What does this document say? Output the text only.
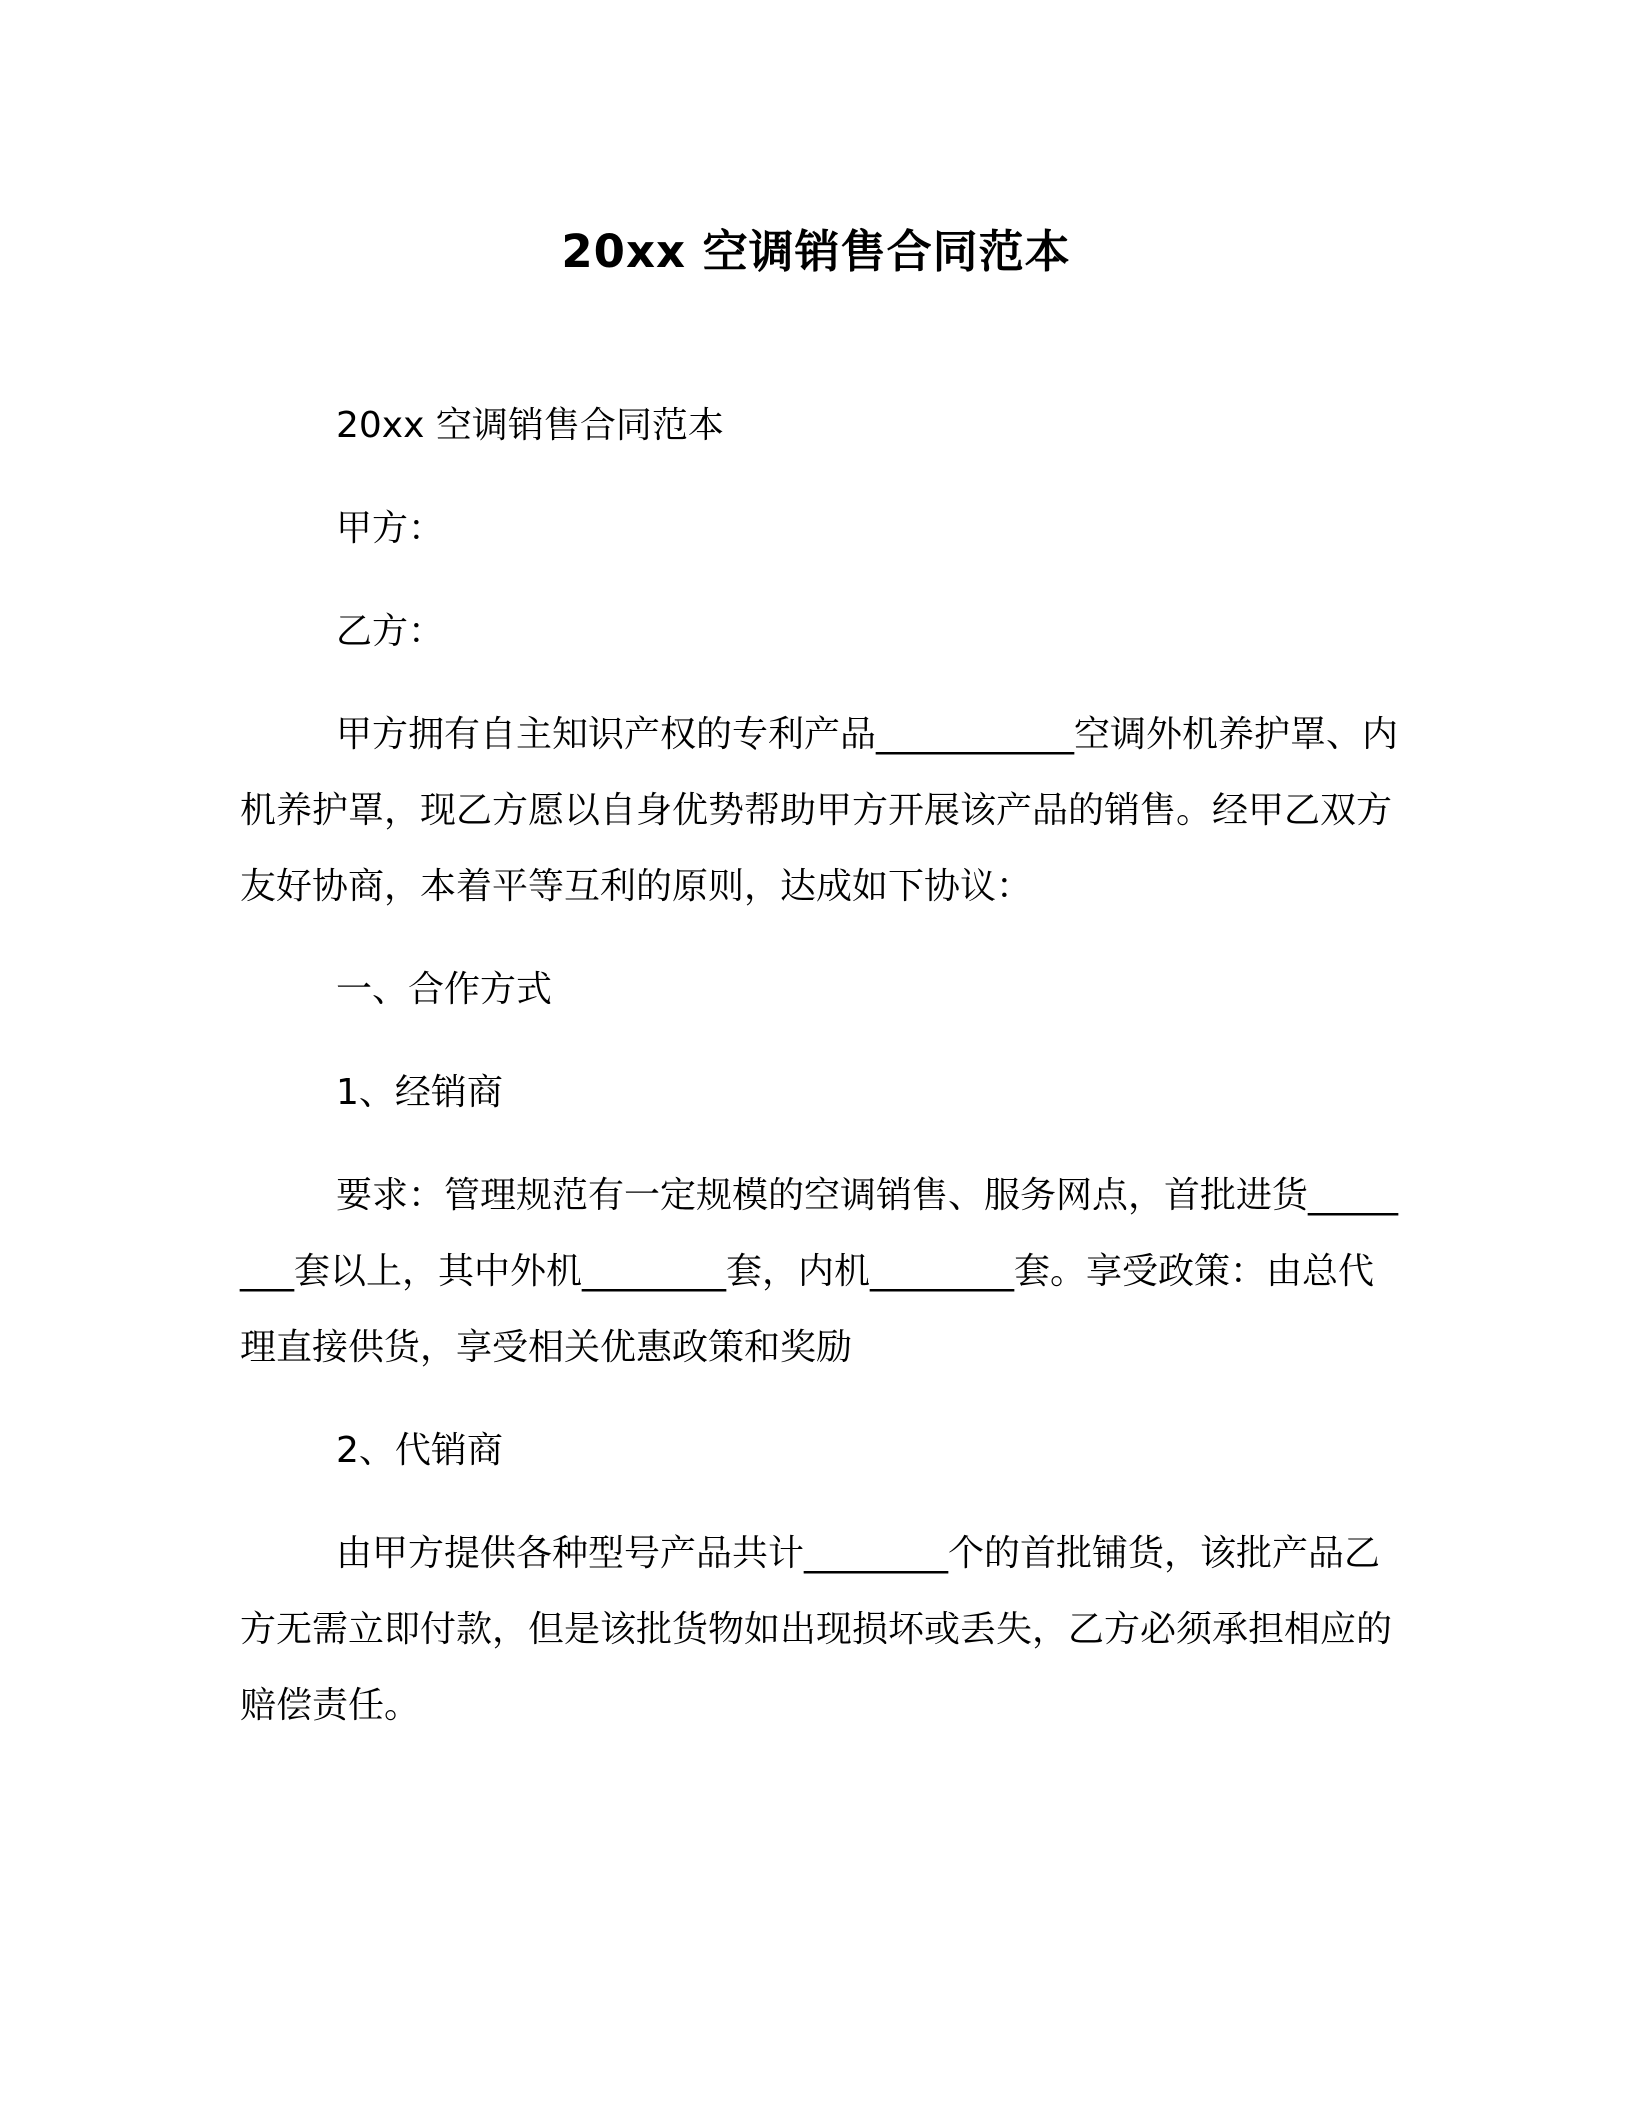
20xx 空调销售合同范本

20xx 空调销售合同范本

甲方：

乙方：

甲方拥有自主知识产权的专利产品___________空调外机养护罩、内机养护罩，现乙方愿以自身优势帮助甲方开展该产品的销售。经甲乙双方友好协商，本着平等互利的原则，达成如下协议：

一、合作方式

1、经销商

要求：管理规范有一定规模的空调销售、服务网点，首批进货________套以上，其中外机________套，内机________套。享受政策：由总代理直接供货，享受相关优惠政策和奖励

2、代销商

由甲方提供各种型号产品共计________个的首批铺货，该批产品乙方无需立即付款，但是该批货物如出现损坏或丢失，乙方必须承担相应的赔偿责任。
